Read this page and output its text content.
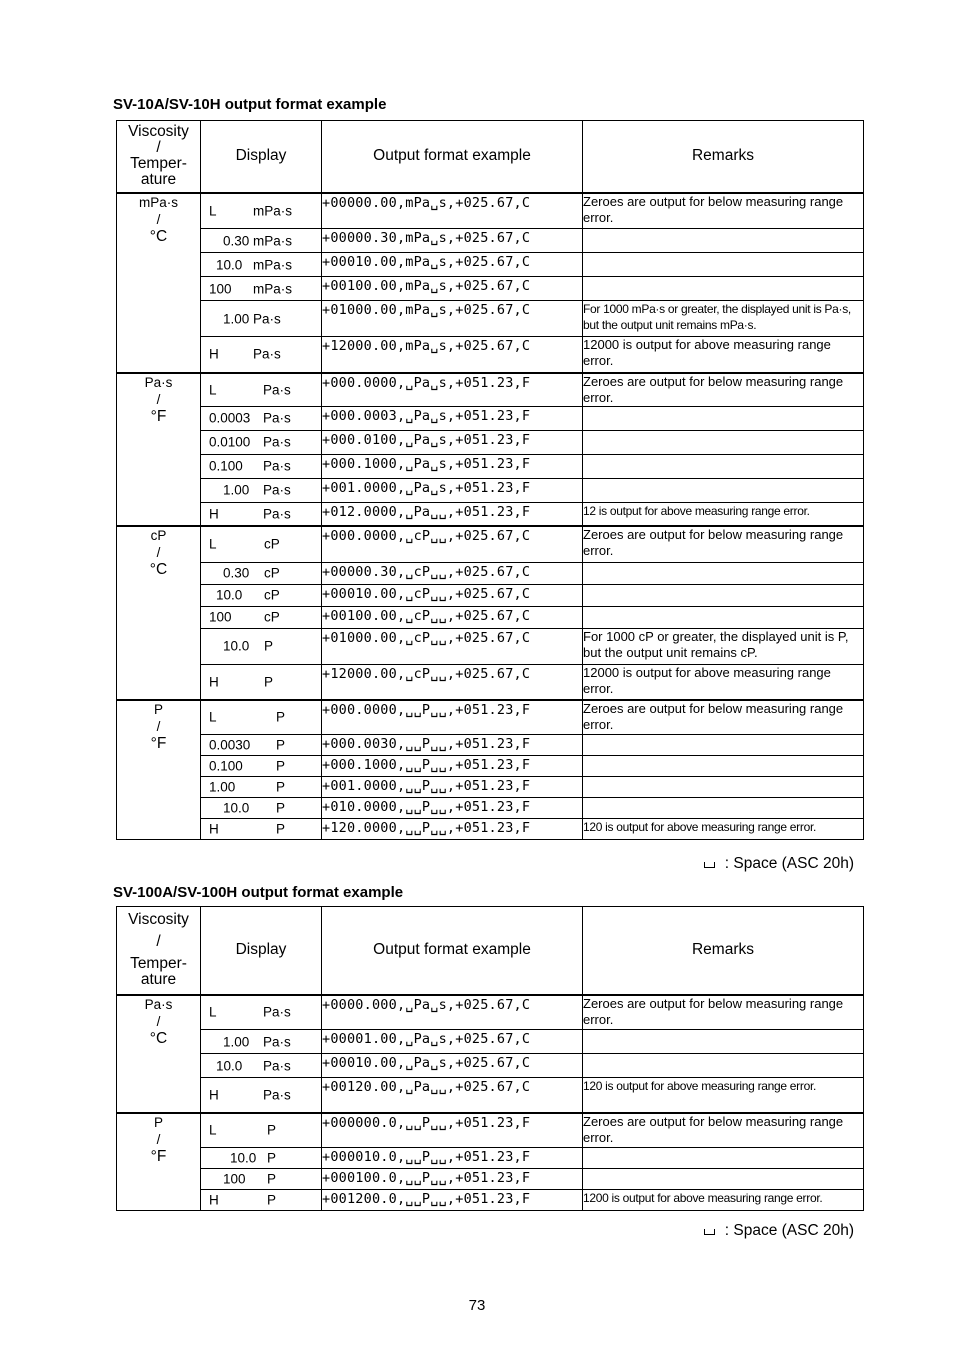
SV-10A/SV-10H output format example
Viscosity
/
Temper-
ature	Display	Output format example	Remarks

mPa·s
/
°C	L mPa·s	+00000.00,mPa␣s,+025.67,C	Zeroes are output for below measuring range error.

	0.30 mPa·s	+00000.30,mPa␣s,+025.67,C	

	10.0 mPa·s	+00010.00,mPa␣s,+025.67,C	

	100 mPa·s	+00100.00,mPa␣s,+025.67,C	

	1.00 Pa·s	+01000.00,mPa␣s,+025.67,C	For 1000 mPa·s or greater, the displayed unit is Pa·s, but the output unit remains mPa·s.

	H Pa·s	+12000.00,mPa␣s,+025.67,C	12000 is output for above measuring range error.

Pa·s
/
°F	L Pa·s	+000.0000,␣Pa␣s,+051.23,F	Zeroes are output for below measuring range error.

	0.0003 Pa·s	+000.0003,␣Pa␣s,+051.23,F	

	0.0100 Pa·s	+000.0100,␣Pa␣s,+051.23,F	

	0.100 Pa·s	+000.1000,␣Pa␣s,+051.23,F	

	1.00 Pa·s	+001.0000,␣Pa␣s,+051.23,F	

	H Pa·s	+012.0000,␣Pa␣␣,+051.23,F	12 is output for above measuring range error.

cP
/
°C	L cP	+000.0000,␣cP␣␣,+025.67,C	Zeroes are output for below measuring range error.

	0.30 cP	+00000.30,␣cP␣␣,+025.67,C	

	10.0 cP	+00010.00,␣cP␣␣,+025.67,C	

	100 cP	+00100.00,␣cP␣␣,+025.67,C	

	10.0 P	+01000.00,␣cP␣␣,+025.67,C	For 1000 cP or greater, the displayed unit is P, but the output unit remains cP.

	H P	+12000.00,␣cP␣␣,+025.67,C	12000 is output for above measuring range error.

P
/
°F	L P	+000.0000,␣␣P␣␣,+051.23,F	Zeroes are output for below measuring range error.

	0.0030 P	+000.0030,␣␣P␣␣,+051.23,F	

	0.100 P	+000.1000,␣␣P␣␣,+051.23,F	

	1.00 P	+001.0000,␣␣P␣␣,+051.23,F	

	10.0 P	+010.0000,␣␣P␣␣,+051.23,F	

	H P	+120.0000,␣␣P␣␣,+051.23,F	120 is output for above measuring range error.
: Space (ASC 20h)
SV-100A/SV-100H output format example
Viscosity
/
Temper-
ature	Display	Output format example	Remarks

Pa·s
/
°C	L Pa·s	+0000.000,␣Pa␣s,+025.67,C	Zeroes are output for below measuring range error.

	1.00 Pa·s	+00001.00,␣Pa␣s,+025.67,C	

	10.0 Pa·s	+00010.00,␣Pa␣s,+025.67,C	

	H Pa·s	+00120.00,␣Pa␣␣,+025.67,C	120 is output for above measuring range error.

P
/
°F	L P	+000000.0,␣␣P␣␣,+051.23,F	Zeroes are output for below measuring range error.

	10.0 P	+000010.0,␣␣P␣␣,+051.23,F	

	100 P	+000100.0,␣␣P␣␣,+051.23,F	

	H P	+001200.0,␣␣P␣␣,+051.23,F	1200 is output for above measuring range error.
: Space (ASC 20h)
73
